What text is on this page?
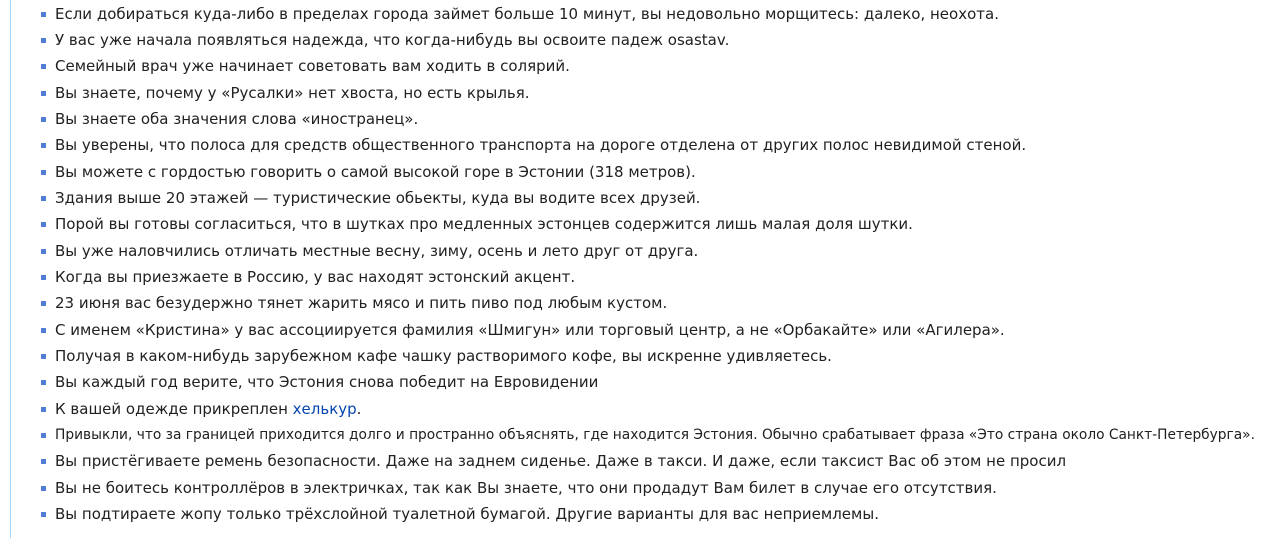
Если добираться куда-либо в пределах города займет больше 10 минут, вы недовольно морщитесь: далеко, неохота.
У вас уже начала появляться надежда, что когда-нибудь вы освоите падеж osastav.
Семейный врач уже начинает советовать вам ходить в солярий.
Вы знаете, почему у «Русалки» нет хвоста, но есть крылья.
Вы знаете оба значения слова «иностранец».
Вы уверены, что полоса для средств общественного транспорта на дороге отделена от других полос невидимой стеной.
Вы можете с гордостью говорить о самой высокой горе в Эстонии (318 метров).
Здания выше 20 этажей — туристические обьекты, куда вы водите всех друзей.
Порой вы готовы согласиться, что в шутках про медленных эстонцев содержится лишь малая доля шутки.
Вы уже наловчились отличать местные весну, зиму, осень и лето друг от друга.
Когда вы приезжаете в Россию, у вас находят эстонский акцент.
23 июня вас безудержно тянет жарить мясо и пить пиво под любым кустом.
С именем «Кристина» у вас ассоциируется фамилия «Шмигун» или торговый центр, а не «Орбакайте» или «Агилера».
Получая в каком-нибудь зарубежном кафе чашку растворимого кофе, вы искренне удивляетесь.
Вы каждый год верите, что Эстония снова победит на Евровидении
К вашей одежде прикреплен хелькур.
Привыкли, что за границей приходится долго и пространно объяснять, где находится Эстония. Обычно срабатывает фраза «Это страна около Санкт-Петербурга».
Вы пристёгиваете ремень безопасности. Даже на заднем сиденье. Даже в такси. И даже, если таксист Вас об этом не просил
Вы не боитесь контроллёров в электричках, так как Вы знаете, что они продадут Вам билет в случае его отсутствия.
Вы подтираете жопу только трёхслойной туалетной бумагой. Другие варианты для вас неприемлемы.
